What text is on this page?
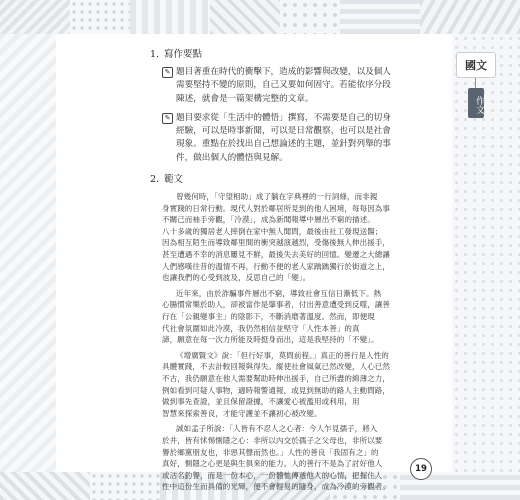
國文
作文
1. 寫作要點
✎ 題目著重在時代的衝擊下，造成的影響與改變，以及個人

需要堅持不變的原則，自己又要如何固守。若能依序分段

陳述，就會是一篇架構完整的文章。

✎ 題目要求從「生活中的體悟」撰寫，不需要是自己的切身

經驗，可以是時事新聞，可以是日常觀察，也可以是社會

現象。重點在於找出自己想論述的主題，並針對列舉的事

件，做出個人的體悟與見解。

2. 範文

曾幾何時，「守望相助」成了躺在字典裡的一行詞條，而非親

身實踐的日常行動。現代人對於鄰居所見到的他人困境，每每因為事

不關己而袖手旁觀，「冷漠」，成為新聞報導中層出不窮的描述。

八十多歲的獨居老人摔倒在家中無人聞問，最後由社工發現送醫；

因為相互陌生而導致鄰里間的衝突越演越烈，受傷後無人伸出援手，

甚至遭遇不幸的消息屢見不鮮，最後失去美好的回憶。變遷之大總讓

人們感嘆往昔的溫情不再，行動不便的老人家踽踽獨行於街道之上，

也讓我們的心受到波及，反思自己的「變」。

近年來，由於詐騙事件層出不窮，導致社會互信日漸低下。熱

心腸慣常樂於助人，卻被當作是肇事者，付出善意遭受到反噬，讓善

行在「公親變事主」的陰影下，不斷消磨著溫度。然而，即便現

代社會氛圍如此冷漠，我仍然相信並堅守「人性本善」的真

諦，願意在每一次力所能及時挺身而出，這是我堅持的「不變」。

《增廣賢文》說：「但行好事，莫問前程。」真正的善行是人性的

具體實踐，不去計較回報與得失。縱使社會風氣已然改變，人心已然

不古，我仍願意在他人需要幫助時伸出援手，自己所盡的綿薄之力，

例如看到可疑人事物，適時報警通報，或見到無助的路人主動問路，

做到事先查證，並且保留證據，不讓愛心被濫用或利用，用

智慧來探索善良，才能守護並不讓初心被改變。

誠如孟子所說：「人皆有不忍人之心者：今人乍見孺子，將入

於井，皆有怵惕惻隱之心：非所以內交於孺子之父母也，非所以要

譽於鄉黨朋友也，非惡其聲而然也。」人性的善良「我固有之」的

真好，惻隱之心更是與生俱來的能力。人的善行不是為了討好他人

或沽名釣譽，而是一份本心，一份體恤傳遞他人的心情，把握住人

性中這份生而具備的光輝，便不會輕易的隨身，成為冷漠的旁觀者。

19
